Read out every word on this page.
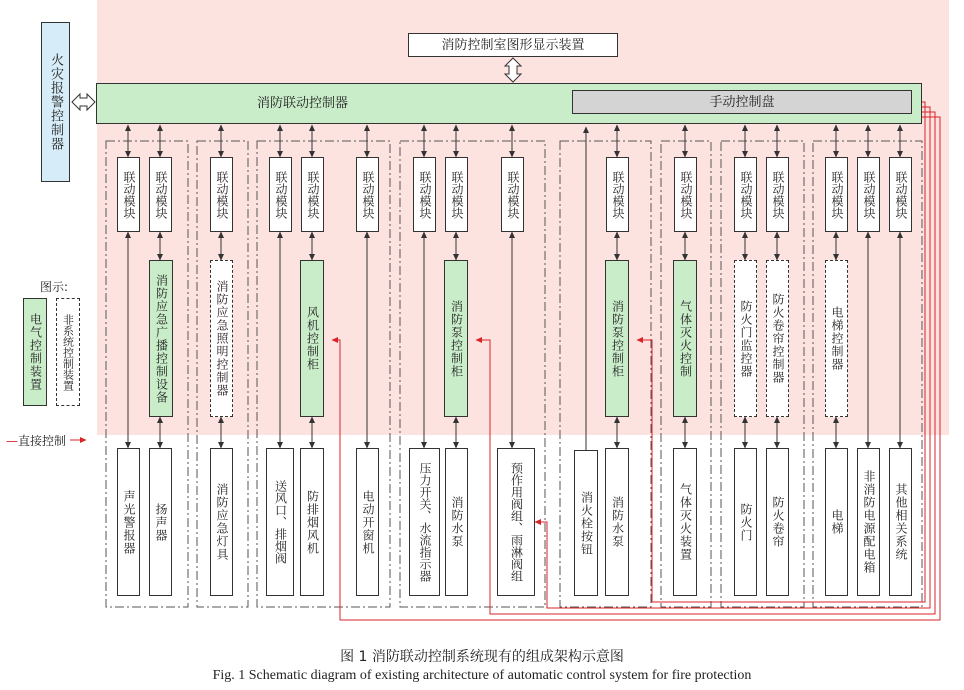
消防控制室图形显示装置
火灾报警控制器	消防联动控制器	手动控制盘
联动模块	联动模块	联动模块	联动模块	联动模块	联动模块	联动模块	联动模块	联动模块	联动模块	联动模块	联动模块	联动模块	联动模块	联动模块	联动模块
消防应急广播控制设备	消防应急照明控制器	风机控制柜	消防泵控制柜	消防泵控制柜	气体灭火控制	防火门监控器	防火卷帘控制器	电梯控制器
声光警报器	扬声器	消防应急灯具	送风口、排烟阀	防排烟风机	电动开窗机	压力开关、水流指示器	消防水泵	预作用阀组、雨淋阀组	消火栓按钮	消防水泵	气体灭火装置	防火门	防火卷帘	电梯	非消防电源配电箱	其他相关系统
图示:
电气控制装置	非系统控制装置
—直接控制
图 1 消防联动控制系统现有的组成架构示意图
Fig. 1 Schematic diagram of existing architecture of automatic control system for fire protection
